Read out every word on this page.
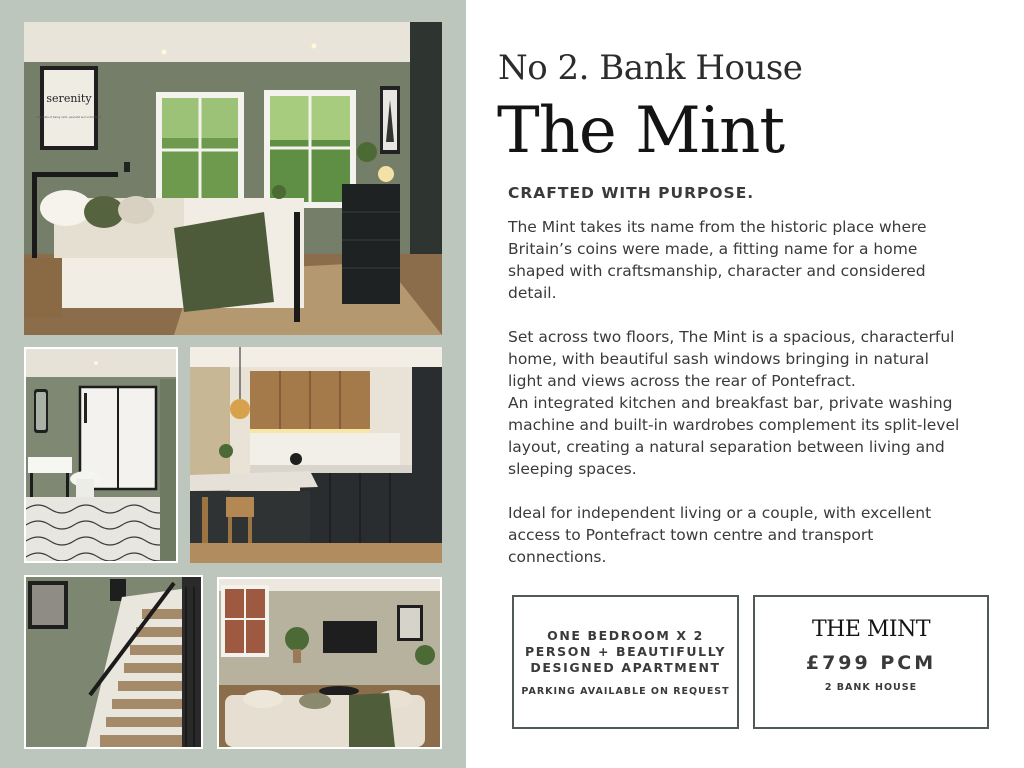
serenity
the state of being calm, peaceful and untroubled
No 2. Bank House
The Mint
CRAFTED WITH PURPOSE.

The Mint takes its name from the historic place where Britain’s coins were made, a fitting name for a home shaped with craftsmanship, character and considered detail.

Set across two floors, The Mint is a spacious, characterful home, with beautiful sash windows bringing in natural light and views across the rear of Pontefract.

An integrated kitchen and breakfast bar, private washing machine and built-in wardrobes complement its split-level layout, creating a natural separation between living and sleeping spaces.

Ideal for independent living or a couple, with excellent access to Pontefract town centre and transport connections.

ONE BEDROOM X 2 PERSON + BEAUTIFULLY DESIGNED APARTMENT
PARKING AVAILABLE ON REQUEST
THE MINT
£799 PCM
2 BANK HOUSE
